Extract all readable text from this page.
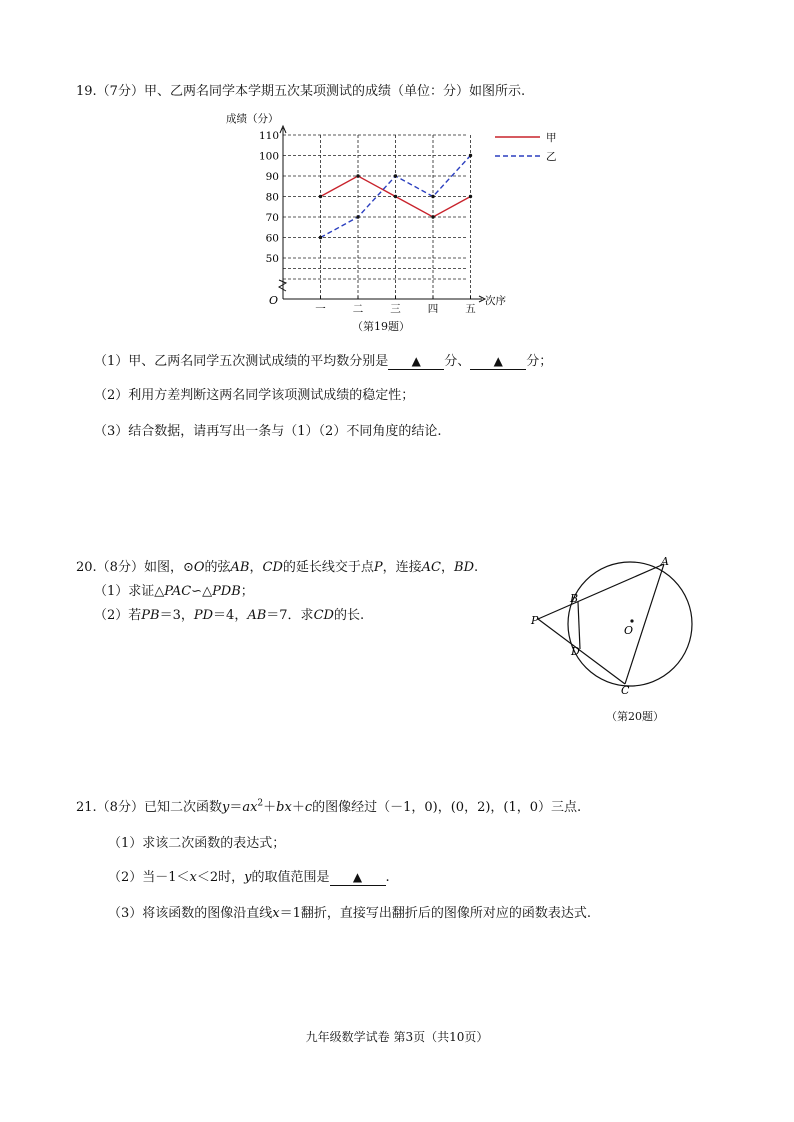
19.（7分）甲、乙两名同学本学期五次某项测试的成绩（单位：分）如图所示.
50
60
70
80
90
100
110
一	二	三	四	五
成绩（分）
次序
O
甲
乙
（第19题）
（1）甲、乙两名同学五次测试成绩的平均数分别是 ▲ 分、 ▲ 分；
（2）利用方差判断这两名同学该项测试成绩的稳定性；
（3）结合数据，请再写出一条与（1）（2）不同角度的结论.
20.（8分）如图，⊙O的弦AB，CD的延长线交于点P，连接AC，BD.
（1）求证△PAC∽△PDB；
（2）若PB＝3，PD＝4，AB＝7．求CD的长.
A
B
C
D
O
P
（第20题）
21.（8分）已知二次函数$y=ax^2+bx+c$的图像经过（－1，0)，(0，2)，(1，0）三点.
（1）求该二次函数的表达式；
（2）当－1＜x＜2时，y的取值范围是 ▲ .
（3）将该函数的图像沿直线x＝1翻折，直接写出翻折后的图像所对应的函数表达式.
九年级数学试卷 第3页（共10页）
